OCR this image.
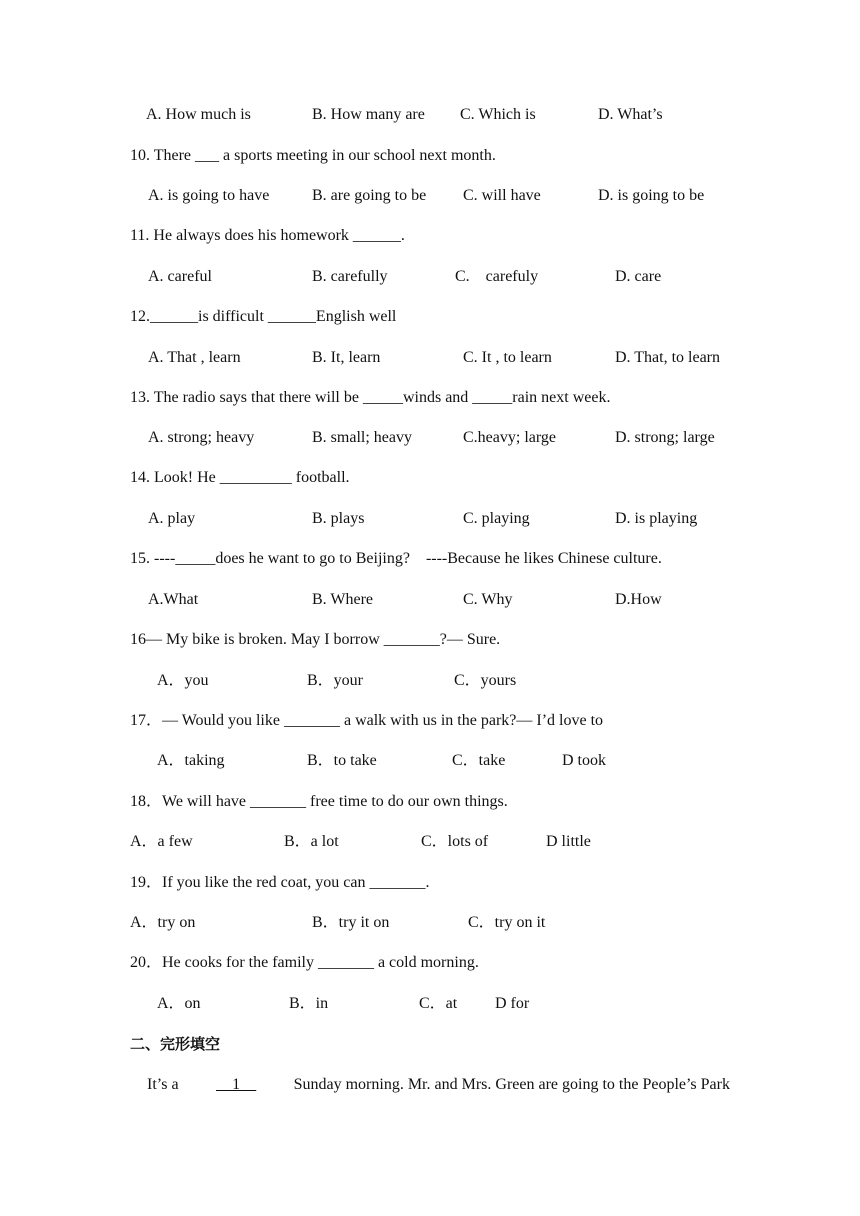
A. How much is	B. How many are C. Which is	D. What’s
10. There ___ a sports meeting in our school next month.
A. is going to have	B. are going to be C. will have	D. is going to be
11. He always does his homework ______.
A. careful	B. carefully	C.    carefuly	D. care
12.______is difficult ______English well
A. That , learn	B. It, learn	C. It , to learn	D. That, to learn
13. The radio says that there will be _____winds and _____rain next week.
A. strong; heavy	B. small; heavy	C.heavy; large	D. strong; large
14. Look! He _________ football.
A. play	B. plays	C. playing	D. is playing
15. ----_____does he want to go to Beijing?    ----Because he likes Chinese culture.
A.What	B. Where	C. Why	D.How
16— My bike is broken. May I borrow _______?— Sure.
A．you	B．your	C．yours
17．— Would you like _______ a walk with us in the park?— I’d love to
A．taking	B．to take	C．take	D took
18．We will have _______ free time to do our own things.
A．a few	B．a lot	C．lots of	D little
19．If you like the red coat, you can _______.
A．try on	B．try it on	C．try on it
20．He cooks for the family _______ a cold morning.
A．on	B．in	C．at D for
二、完形填空
It’s a __1__ Sunday morning. Mr. and Mrs. Green are going to the People’s Park
